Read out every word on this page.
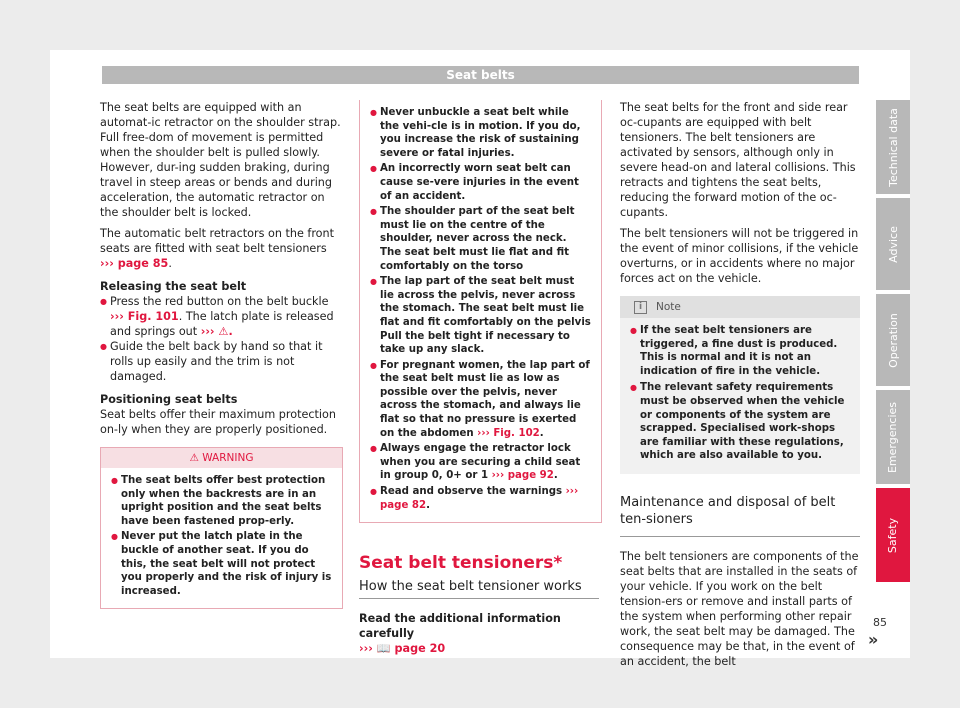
Seat belts

The seat belts are equipped with an automat-ic retractor on the shoulder strap. Full free-dom of movement is permitted when the shoulder belt is pulled slowly. However, dur-ing sudden braking, during travel in steep areas or bends and during acceleration, the automatic retractor on the shoulder belt is locked.

The automatic belt retractors on the front seats are fitted with seat belt tensioners ››› page 85.

Releasing the seat belt

● Press the red button on the belt buckle ››› Fig. 101. The latch plate is released and springs out ››› ⚠.
● Guide the belt back by hand so that it rolls up easily and the trim is not damaged.

Positioning seat belts

Seat belts offer their maximum protection on-ly when they are properly positioned.

⚠ WARNING
● The seat belts offer best protection only when the backrests are in an upright position and the seat belts have been fastened prop-erly.
● Never put the latch plate in the buckle of another seat. If you do this, the seat belt will not protect you properly and the risk of injury is increased.
● Never unbuckle a seat belt while the vehi-cle is in motion. If you do, you increase the risk of sustaining severe or fatal injuries.
● An incorrectly worn seat belt can cause se-vere injuries in the event of an accident.
● The shoulder part of the seat belt must lie on the centre of the shoulder, never across the neck. The seat belt must lie flat and fit comfortably on the torso
● The lap part of the seat belt must lie across the pelvis, never across the stomach. The seat belt must lie flat and fit comfortably on the pelvis Pull the belt tight if necessary to take up any slack.
● For pregnant women, the lap part of the seat belt must lie as low as possible over the pelvis, never across the stomach, and always lie flat so that no pressure is exerted on the abdomen ››› Fig. 102.
● Always engage the retractor lock when you are securing a child seat in group 0, 0+ or 1 ››› page 92.
● Read and observe the warnings ››› page 82.
Seat belt tensioners*
How the seat belt tensioner works
Read the additional information carefully
››› 📖 page 20

The seat belts for the front and side rear oc-cupants are equipped with belt tensioners. The belt tensioners are activated by sensors, although only in severe head-on and lateral collisions. This retracts and tightens the seat belts, reducing the forward motion of the oc-cupants.

The belt tensioners will not be triggered in the event of minor collisions, if the vehicle overturns, or in accidents where no major forces act on the vehicle.

i	Note
● If the seat belt tensioners are triggered, a fine dust is produced. This is normal and it is not an indication of fire in the vehicle.
● The relevant safety requirements must be observed when the vehicle or components of the system are scrapped. Specialised work-shops are familiar with these regulations, which are also available to you.
Maintenance and disposal of belt ten-sioners

The belt tensioners are components of the seat belts that are installed in the seats of your vehicle. If you work on the belt tension-ers or remove and install parts of the system when performing other repair work, the seat belt may be damaged. The consequence may be that, in the event of an accident, the belt

»
Technical data
Advice
Operation
Emergencies
Safety
85
